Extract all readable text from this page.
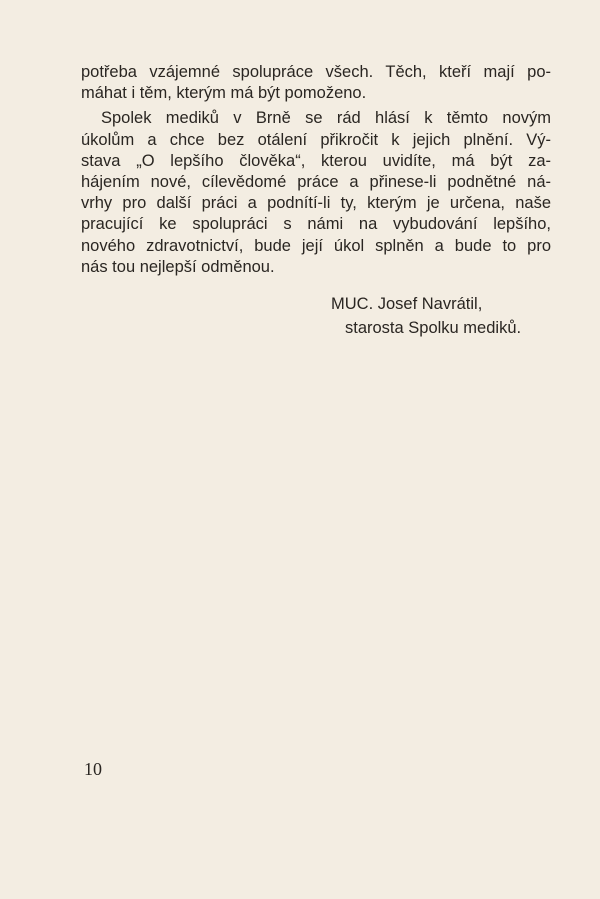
potřeba vzájemné spolupráce všech. Těch, kteří mají po-
máhat i těm, kterým má být pomoženo.
Spolek mediků v Brně se rád hlásí k těmto novým
úkolům a chce bez otálení přikročit k jejich plnění. Vý-
stava „O lepšího člověka“, kterou uvidíte, má být za-
hájením nové, cílevědomé práce a přinese-li podnětné ná-
vrhy pro další práci a podnítí-li ty, kterým je určena, naše
pracující ke spolupráci s námi na vybudování lepšího,
nového zdravotnictví, bude její úkol splněn a bude to pro
nás tou nejlepší odměnou.
MUC. Josef Navrátil,
starosta Spolku mediků.
10
